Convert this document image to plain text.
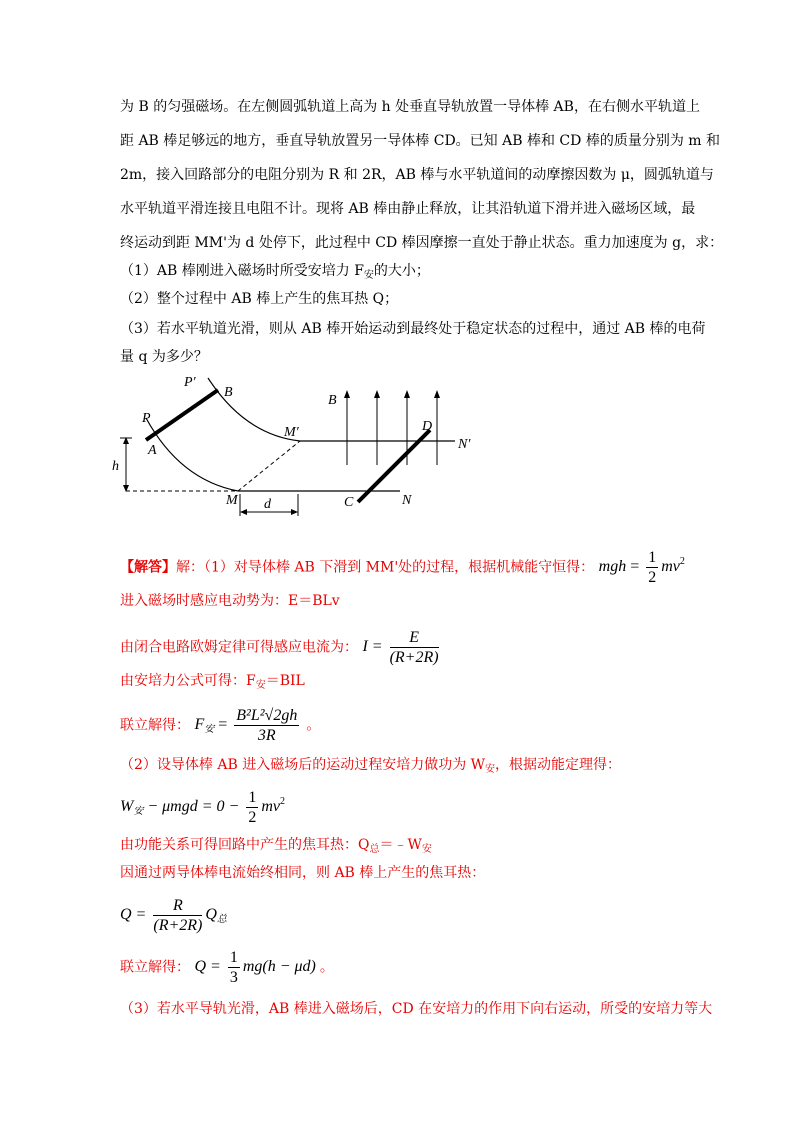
为 B 的匀强磁场。在左侧圆弧轨道上高为 h 处垂直导轨放置一导体棒 AB，在右侧水平轨道上
距 AB 棒足够远的地方，垂直导轨放置另一导体棒 CD。已知 AB 棒和 CD 棒的质量分别为 m 和
2m，接入回路部分的电阻分别为 R 和 2R，AB 棒与水平轨道间的动摩擦因数为 μ，圆弧轨道与
水平轨道平滑连接且电阻不计。现将 AB 棒由静止释放，让其沿轨道下滑并进入磁场区域，最
终运动到距 MM'为 d 处停下，此过程中 CD 棒因摩擦一直处于静止状态。重力加速度为 g，求：
（1）AB 棒刚进入磁场时所受安培力 $F_安$的大小；
（2）整个过程中 AB 棒上产生的焦耳热 Q；
（3）若水平轨道光滑，则从 AB 棒开始运动到最终处于稳定状态的过程中，通过 AB 棒的电荷
量 q 为多少？
P′
B
P
A
B
M′	D
N′
h
M d	C	N
【解答】解：（1）对导体棒 AB 下滑到 MM'处的过程，根据机械能守恒得： mgh = $\frac{1}{2} mv^2$
进入磁场时感应电动势为：E＝BLv
由闭合电路欧姆定律可得感应电流为： $I = \frac{E}{(R+2R)}$
由安培力公式可得：$F_安=BIL$
联立解得： $F_安 = \frac{\text{B²L²√2gh}}{3R}$ 。
（2）设导体棒 AB 进入磁场后的运动过程安培力做功为 $W_安$，根据动能定理得：
$W_安 - \mu mgd = 0 - \frac{1}{2} mv^2$
由功能关系可得回路中产生的焦耳热：$Q_总=﹣W_安$
因通过两导体棒电流始终相同，则 AB 棒上产生的焦耳热：
$Q = \frac{R}{(R+2R)} Q_总$
联立解得： $Q = \frac{1}{3} mg(h - \mu d)$ 。
（3）若水平导轨光滑，AB 棒进入磁场后，CD 在安培力的作用下向右运动，所受的安培力等大
